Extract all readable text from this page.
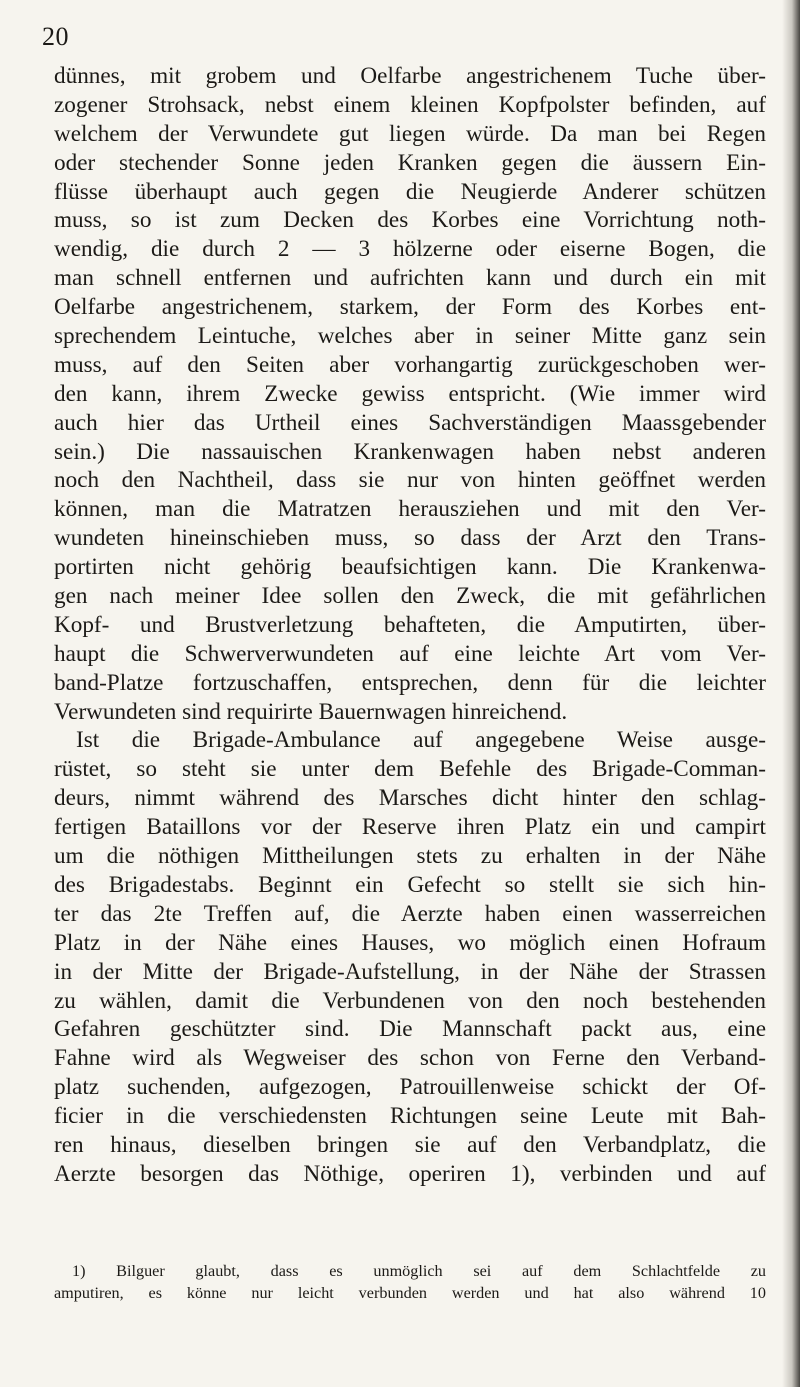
20
dünnes, mit grobem und Oelfarbe angestrichenem Tuche über-
zogener Strohsack, nebst einem kleinen Kopfpolster befinden, auf
welchem der Verwundete gut liegen würde. Da man bei Regen
oder stechender Sonne jeden Kranken gegen die äussern Ein-
flüsse überhaupt auch gegen die Neugierde Anderer schützen
muss, so ist zum Decken des Korbes eine Vorrichtung noth-
wendig, die durch 2 — 3 hölzerne oder eiserne Bogen, die
man schnell entfernen und aufrichten kann und durch ein mit
Oelfarbe angestrichenem, starkem, der Form des Korbes ent-
sprechendem Leintuche, welches aber in seiner Mitte ganz sein
muss, auf den Seiten aber vorhangartig zurückgeschoben wer-
den kann, ihrem Zwecke gewiss entspricht. (Wie immer wird
auch hier das Urtheil eines Sachverständigen Maassgebender
sein.) Die nassauischen Krankenwagen haben nebst anderen
noch den Nachtheil, dass sie nur von hinten geöffnet werden
können, man die Matratzen herausziehen und mit den Ver-
wundeten hineinschieben muss, so dass der Arzt den Trans-
portirten nicht gehörig beaufsichtigen kann. Die Krankenwa-
gen nach meiner Idee sollen den Zweck, die mit gefährlichen
Kopf- und Brustverletzung behafteten, die Amputirten, über-
haupt die Schwerverwundeten auf eine leichte Art vom Ver-
band-Platze fortzuschaffen, entsprechen, denn für die leichter
Verwundeten sind requirirte Bauernwagen hinreichend.
Ist die Brigade-Ambulance auf angegebene Weise ausge-
rüstet, so steht sie unter dem Befehle des Brigade-Comman-
deurs, nimmt während des Marsches dicht hinter den schlag-
fertigen Bataillons vor der Reserve ihren Platz ein und campirt
um die nöthigen Mittheilungen stets zu erhalten in der Nähe
des Brigadestabs. Beginnt ein Gefecht so stellt sie sich hin-
ter das 2te Treffen auf, die Aerzte haben einen wasserreichen
Platz in der Nähe eines Hauses, wo möglich einen Hofraum
in der Mitte der Brigade-Aufstellung, in der Nähe der Strassen
zu wählen, damit die Verbundenen von den noch bestehenden
Gefahren geschützter sind. Die Mannschaft packt aus, eine
Fahne wird als Wegweiser des schon von Ferne den Verband-
platz suchenden, aufgezogen, Patrouillenweise schickt der Of-
ficier in die verschiedensten Richtungen seine Leute mit Bah-
ren hinaus, dieselben bringen sie auf den Verbandplatz, die
Aerzte besorgen das Nöthige, operiren 1), verbinden und auf
1) Bilguer glaubt, dass es unmöglich sei auf dem Schlachtfelde zu
amputiren, es könne nur leicht verbunden werden und hat also während 10
